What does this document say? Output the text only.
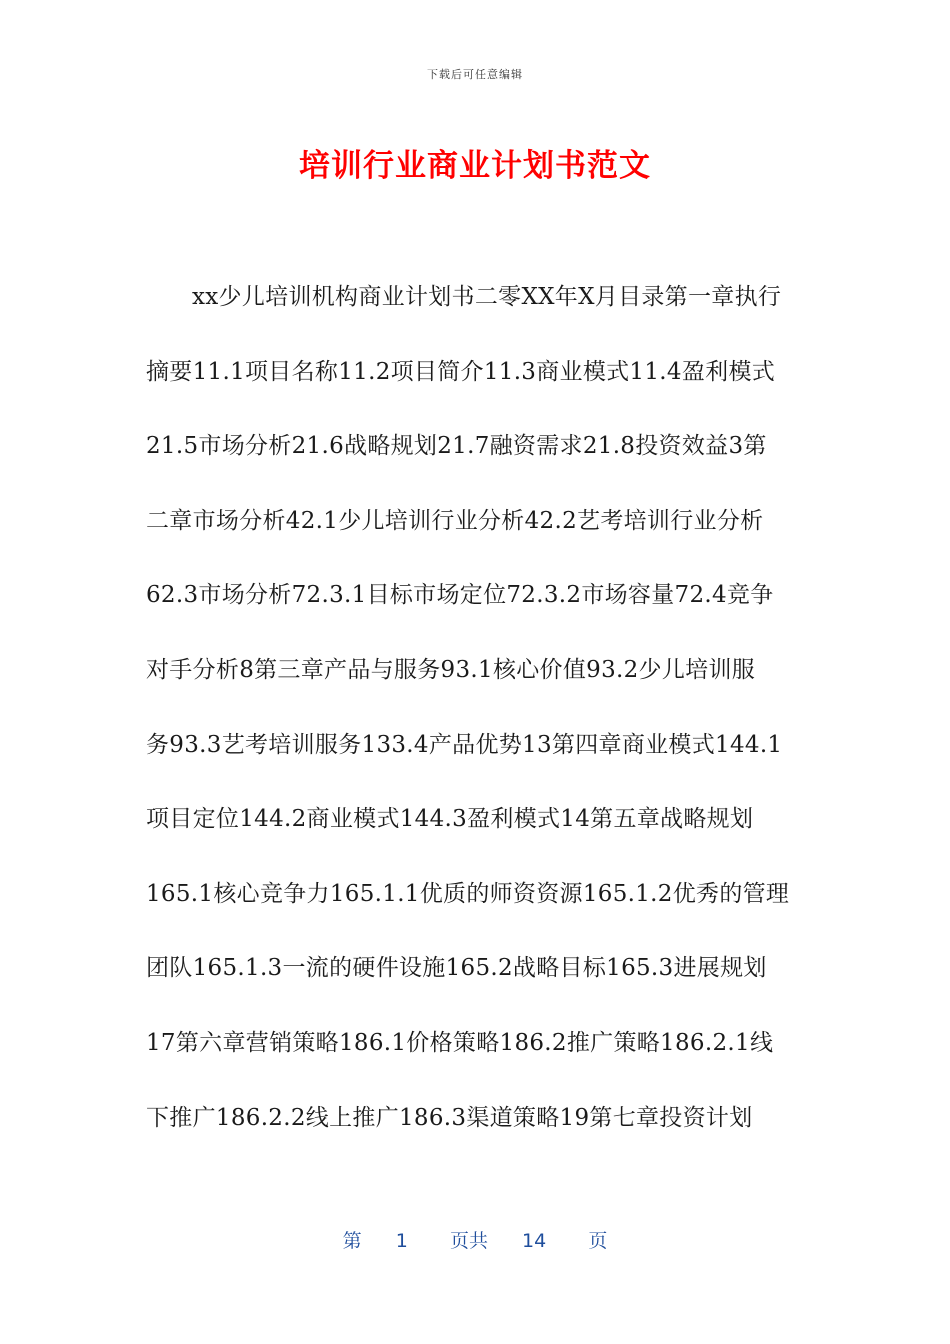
下载后可任意编辑
培训行业商业计划书范文
xx少儿培训机构商业计划书二零XX年X月目录第一章执行
摘要11.1项目名称11.2项目简介11.3商业模式11.4盈利模式
21.5市场分析21.6战略规划21.7融资需求21.8投资效益3第
二章市场分析42.1少儿培训行业分析42.2艺考培训行业分析
62.3市场分析72.3.1目标市场定位72.3.2市场容量72.4竞争
对手分析8第三章产品与服务93.1核心价值93.2少儿培训服
务93.3艺考培训服务133.4产品优势13第四章商业模式144.1
项目定位144.2商业模式144.3盈利模式14第五章战略规划
165.1核心竞争力165.1.1优质的师资资源165.1.2优秀的管理
团队165.1.3一流的硬件设施165.2战略目标165.3进展规划
17第六章营销策略186.1价格策略186.2推广策略186.2.1线
下推广186.2.2线上推广186.3渠道策略19第七章投资计划
第 1 页共 14 页
